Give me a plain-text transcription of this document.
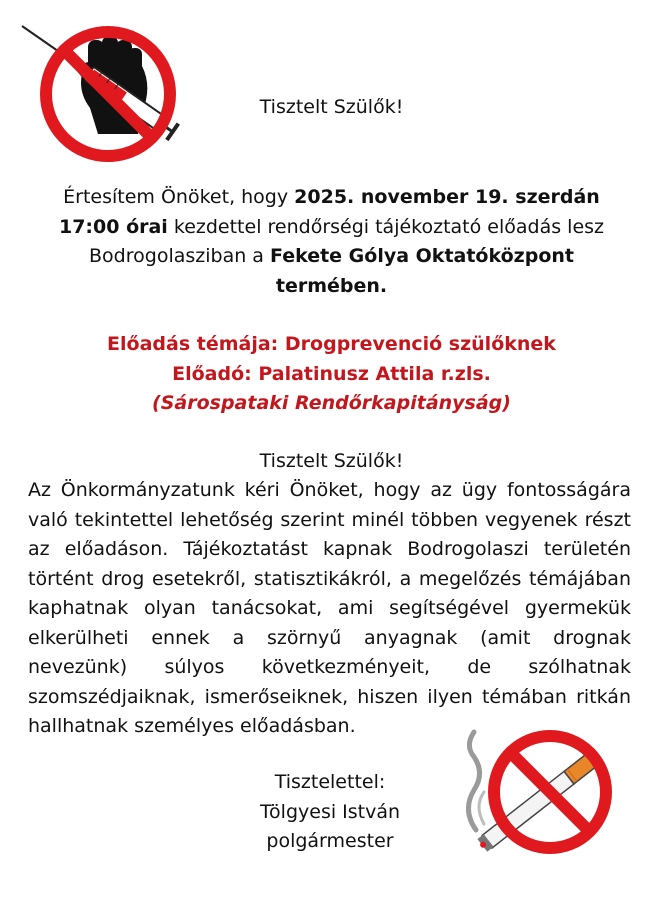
Tisztelt Szülők!
Értesítem Önöket, hogy 2025. november 19. szerdán 17:00 órai kezdettel rendőrségi tájékoztató előadás lesz Bodrogolasziban a Fekete Gólya Oktatóközpont termében.
Előadás témája: Drogprevenció szülőknek
Előadó: Palatinusz Attila r.zls.
(Sárospataki Rendőrkapitányság)
Tisztelt Szülők!
Az Önkormányzatunk kéri Önöket, hogy az ügy fontosságára való tekintettel lehetőség szerint minél többen vegyenek részt az előadáson. Tájékoztatást kapnak Bodrogolaszi területén történt drog esetekről, statisztikákról, a megelőzés témájában kaphatnak olyan tanácsokat, ami segítségével gyermekük elkerülheti ennek a szörnyű anyagnak (amit drognak nevezünk) súlyos következményeit, de szólhatnak szomszédjaiknak, ismerőseiknek, hiszen ilyen témában ritkán hallhatnak személyes előadásban.
Tisztelettel:
Tölgyesi István
polgármester
